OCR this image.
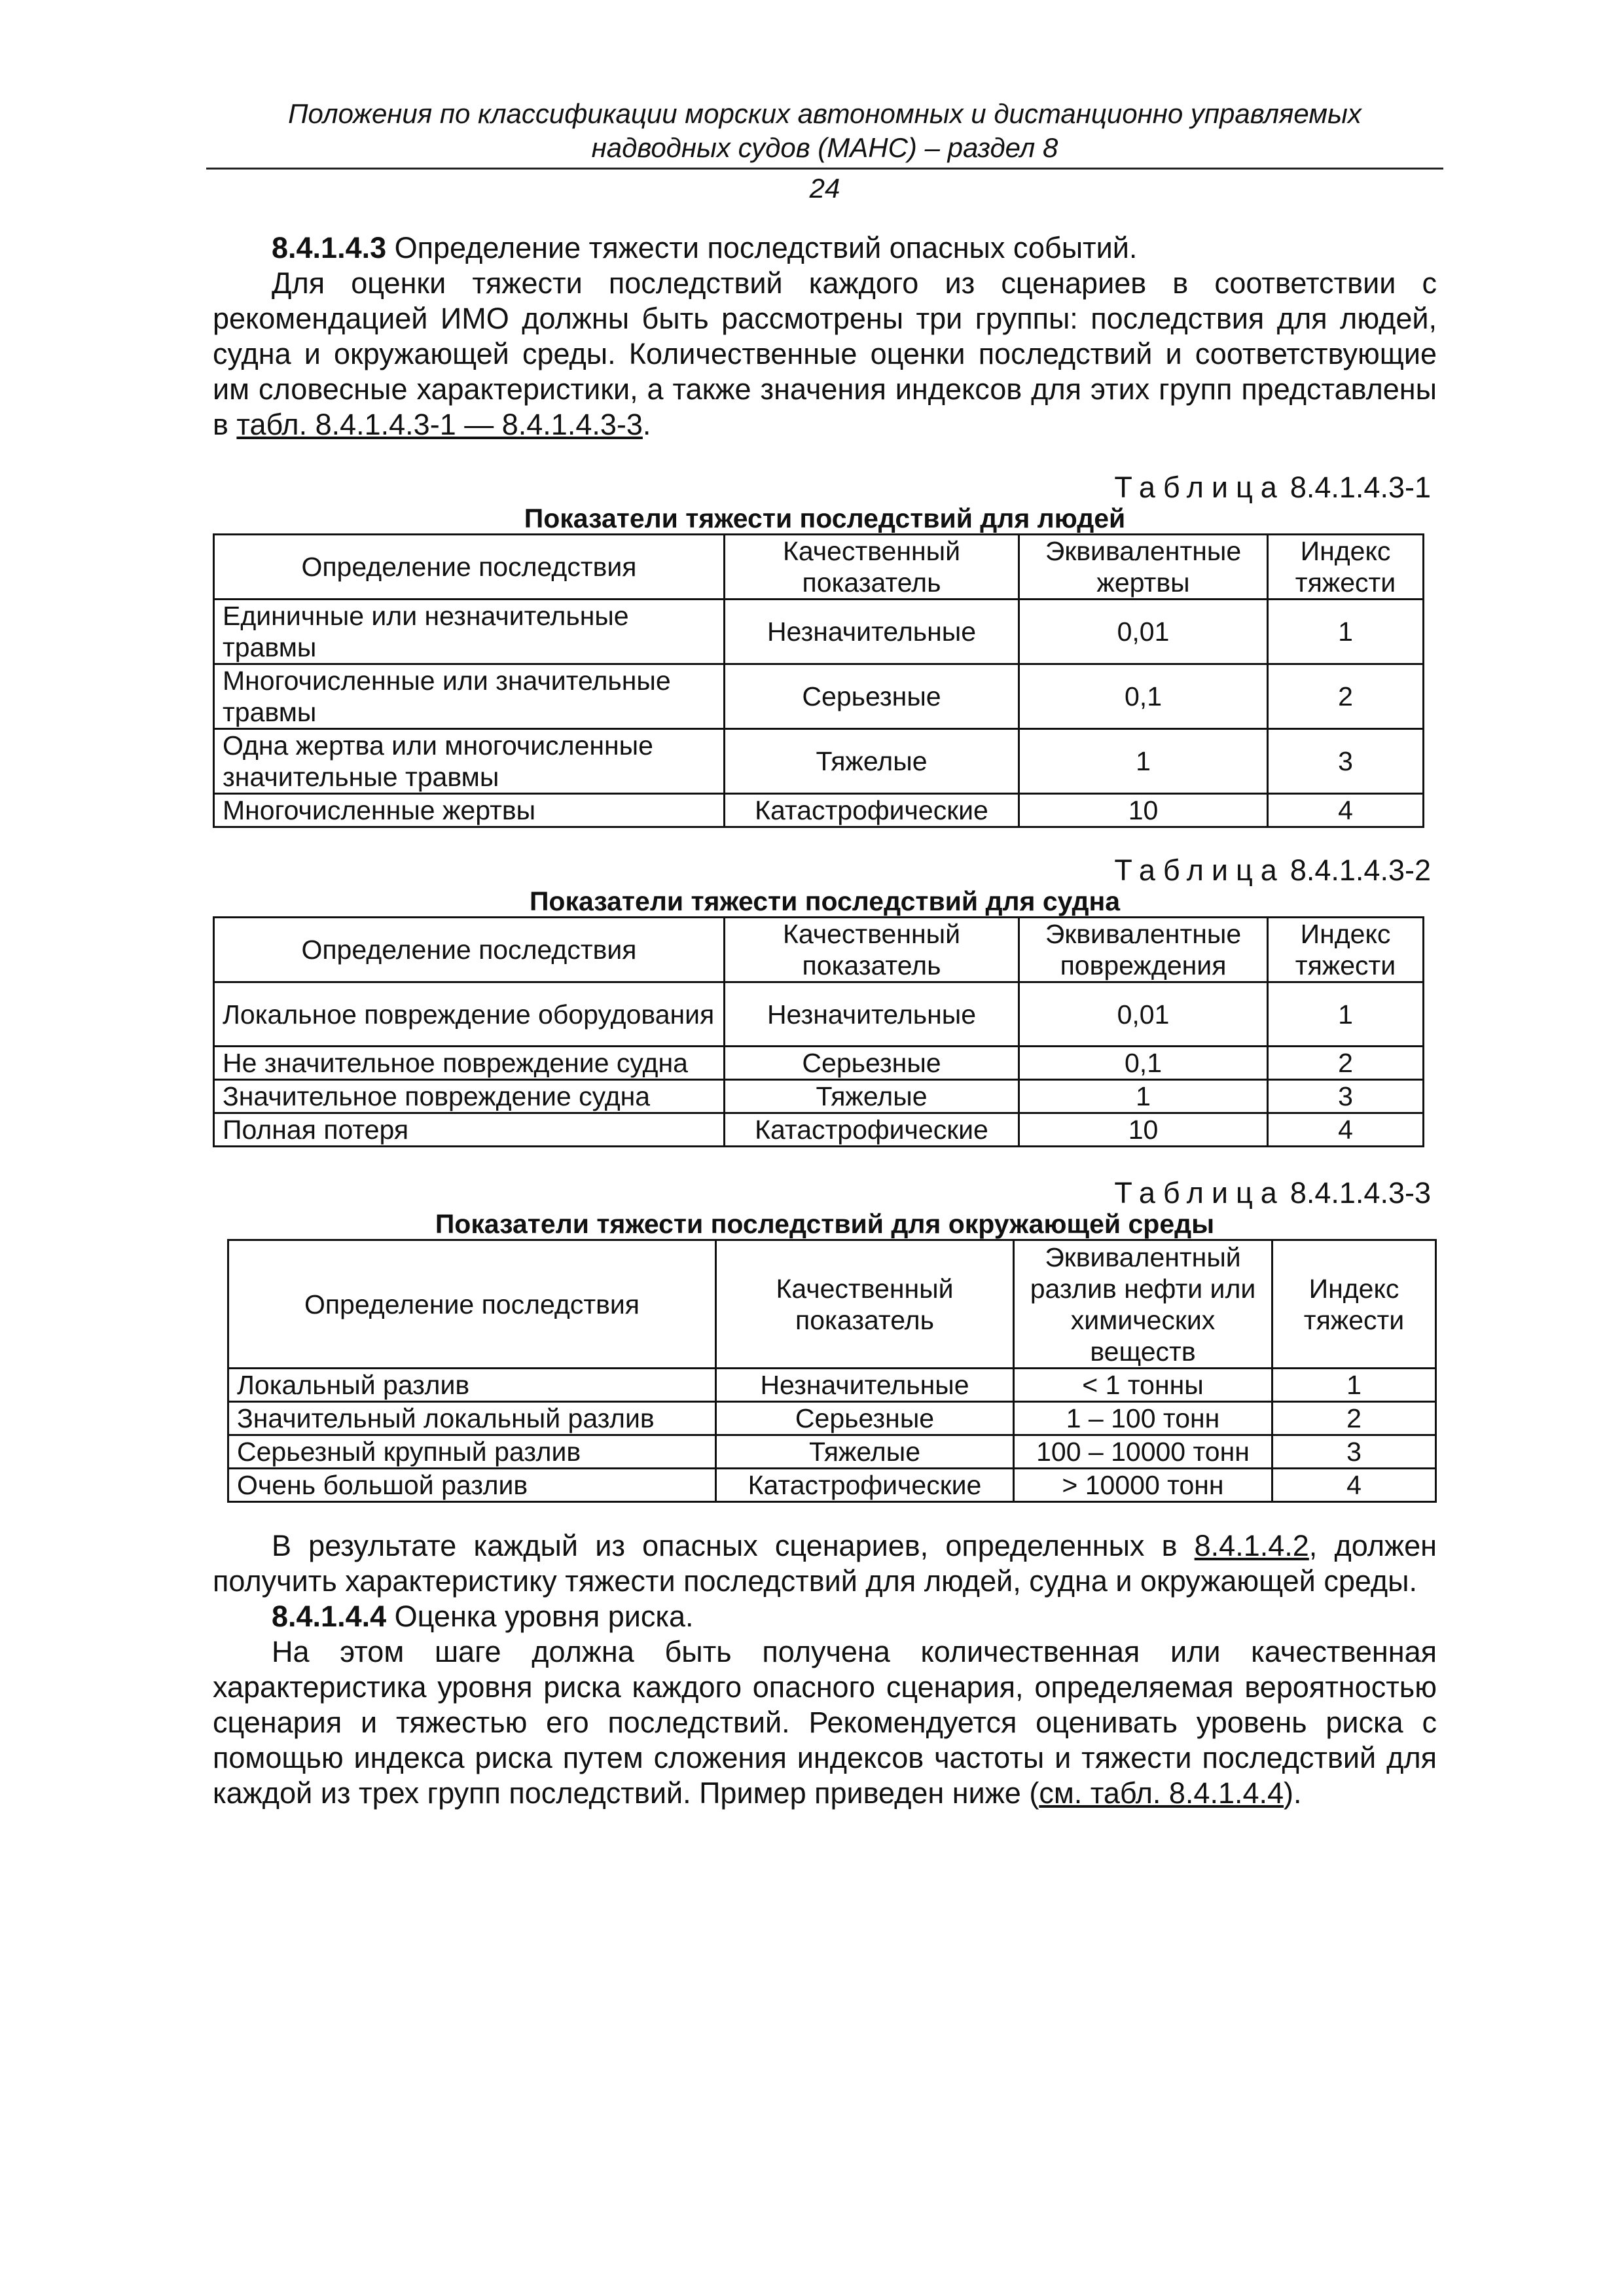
Положения по классификации морских автономных и дистанционно управляемых
надводных судов (МАНС) – раздел 8
24

8.4.1.4.3 Определение тяжести последствий опасных событий.

Для оценки тяжести последствий каждого из сценариев в соответствии с рекомендацией ИМО должны быть рассмотрены три группы: последствия для людей, судна и окружающей среды. Количественные оценки последствий и соответствующие им словесные характеристики, а также значения индексов для этих групп представлены в табл. 8.4.1.4.3-1 — 8.4.1.4.3-3.

Таблица 8.4.1.4.3-1
Показатели тяжести последствий для людей
Определение последствия	Качественный показатель	Эквивалентные жертвы	Индекс тяжести
Единичные или незначительные травмы	Незначительные	0,01	1
Многочисленные или значительные травмы	Серьезные	0,1	2
Одна жертва или многочисленные значительные травмы	Тяжелые	1	3
Многочисленные жертвы	Катастрофические	10	4
Таблица 8.4.1.4.3-2
Показатели тяжести последствий для судна
Определение последствия	Качественный показатель	Эквивалентные повреждения	Индекс тяжести
Локальное повреждение оборудования	Незначительные	0,01	1
Не значительное повреждение судна	Серьезные	0,1	2
Значительное повреждение судна	Тяжелые	1	3
Полная потеря	Катастрофические	10	4
Таблица 8.4.1.4.3-3
Показатели тяжести последствий для окружающей среды
Определение последствия	Качественный показатель	Эквивалентный разлив нефти или химических веществ	Индекс тяжести
Локальный разлив	Незначительные	< 1 тонны	1
Значительный локальный разлив	Серьезные	1 – 100 тонн	2
Серьезный крупный разлив	Тяжелые	100 – 10000 тонн	3
Очень большой разлив	Катастрофические	> 10000 тонн	4

В результате каждый из опасных сценариев, определенных в 8.4.1.4.2, должен получить характеристику тяжести последствий для людей, судна и окружающей среды.

8.4.1.4.4 Оценка уровня риска.

На этом шаге должна быть получена количественная или качественная характеристика уровня риска каждого опасного сценария, определяемая вероятностью сценария и тяжестью его последствий. Рекомендуется оценивать уровень риска с помощью индекса риска путем сложения индексов частоты и тяжести последствий для каждой из трех групп последствий. Пример приведен ниже (см. табл. 8.4.1.4.4).
